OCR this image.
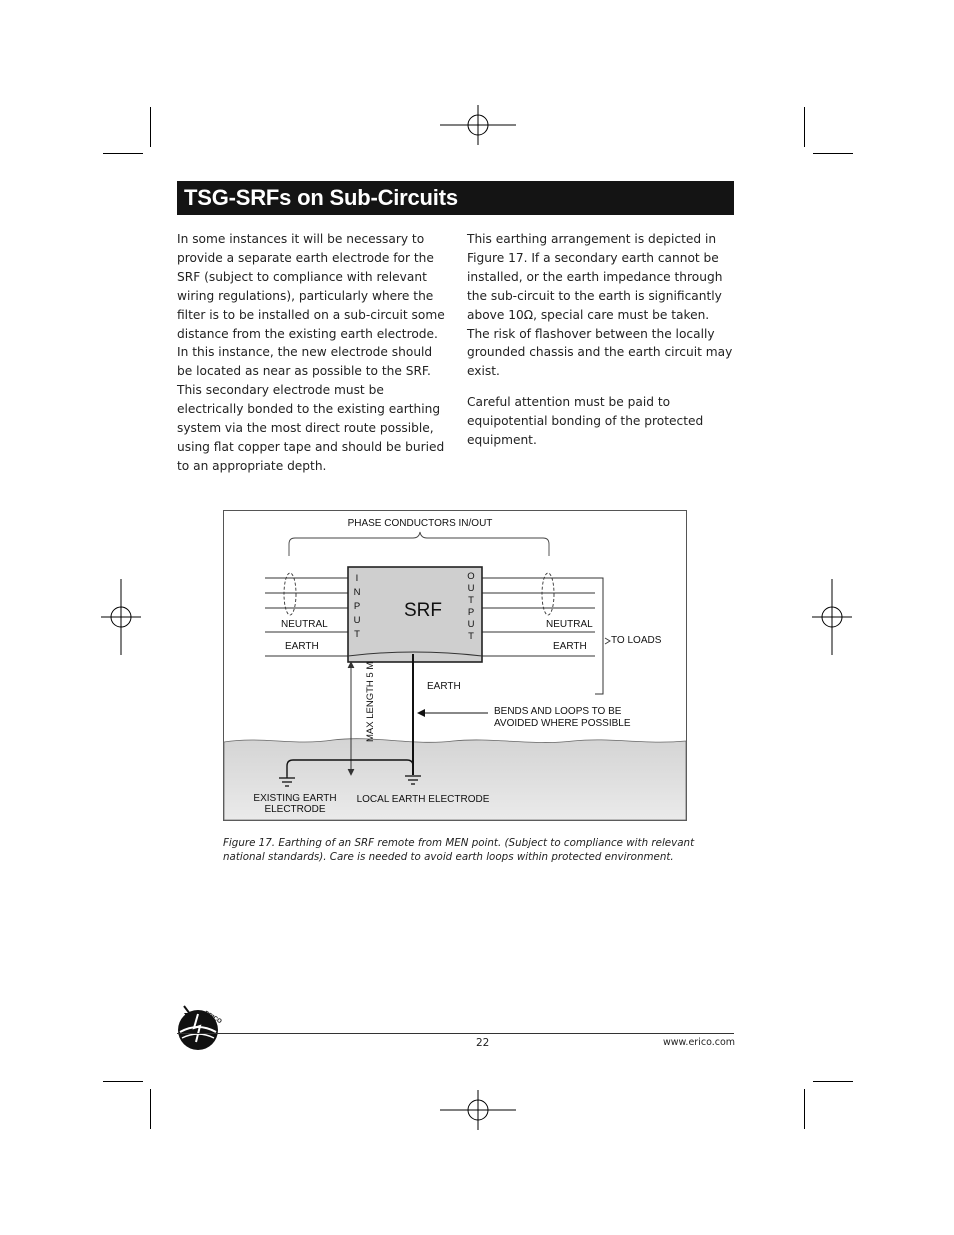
TSG-SRFs on Sub-Circuits

In some instances it will be necessary to provide a separate earth electrode for the SRF (subject to compliance with relevant wiring regulations), particularly where the filter is to be installed on a sub-circuit some distance from the existing earth electrode. In this instance, the new electrode should be located as near as possible to the SRF. This secondary electrode must be electrically bonded to the existing earthing system via the most direct route possible, using flat copper tape and should be buried to an appropriate depth.

This earthing arrangement is depicted in Figure 17. If a secondary earth cannot be installed, or the earth impedance through the sub-circuit to the earth is significantly above 10Ω, special care must be taken. The risk of flashover between the locally grounded chassis and the earth circuit may exist.

Careful attention must be paid to equipotential bonding of the protected equipment.

PHASE CONDUCTORS IN/OUT
NEUTRAL
EARTH
NEUTRAL
EARTH
TO LOADS
SRF
I
N
P
U
T
O
U
T
P
U
T
EARTH
MAX LENGTH 5 M	BENDS AND LOOPS TO BE
AVOIDED WHERE POSSIBLE
EXISTING EARTH
ELECTRODE
LOCAL EARTH ELECTRODE
Figure 17. Earthing of an SRF remote from MEN point. (Subject to compliance with relevant
national standards). Care is needed to avoid earth loops within protected environment.
ERICO
22	www.erico.com
